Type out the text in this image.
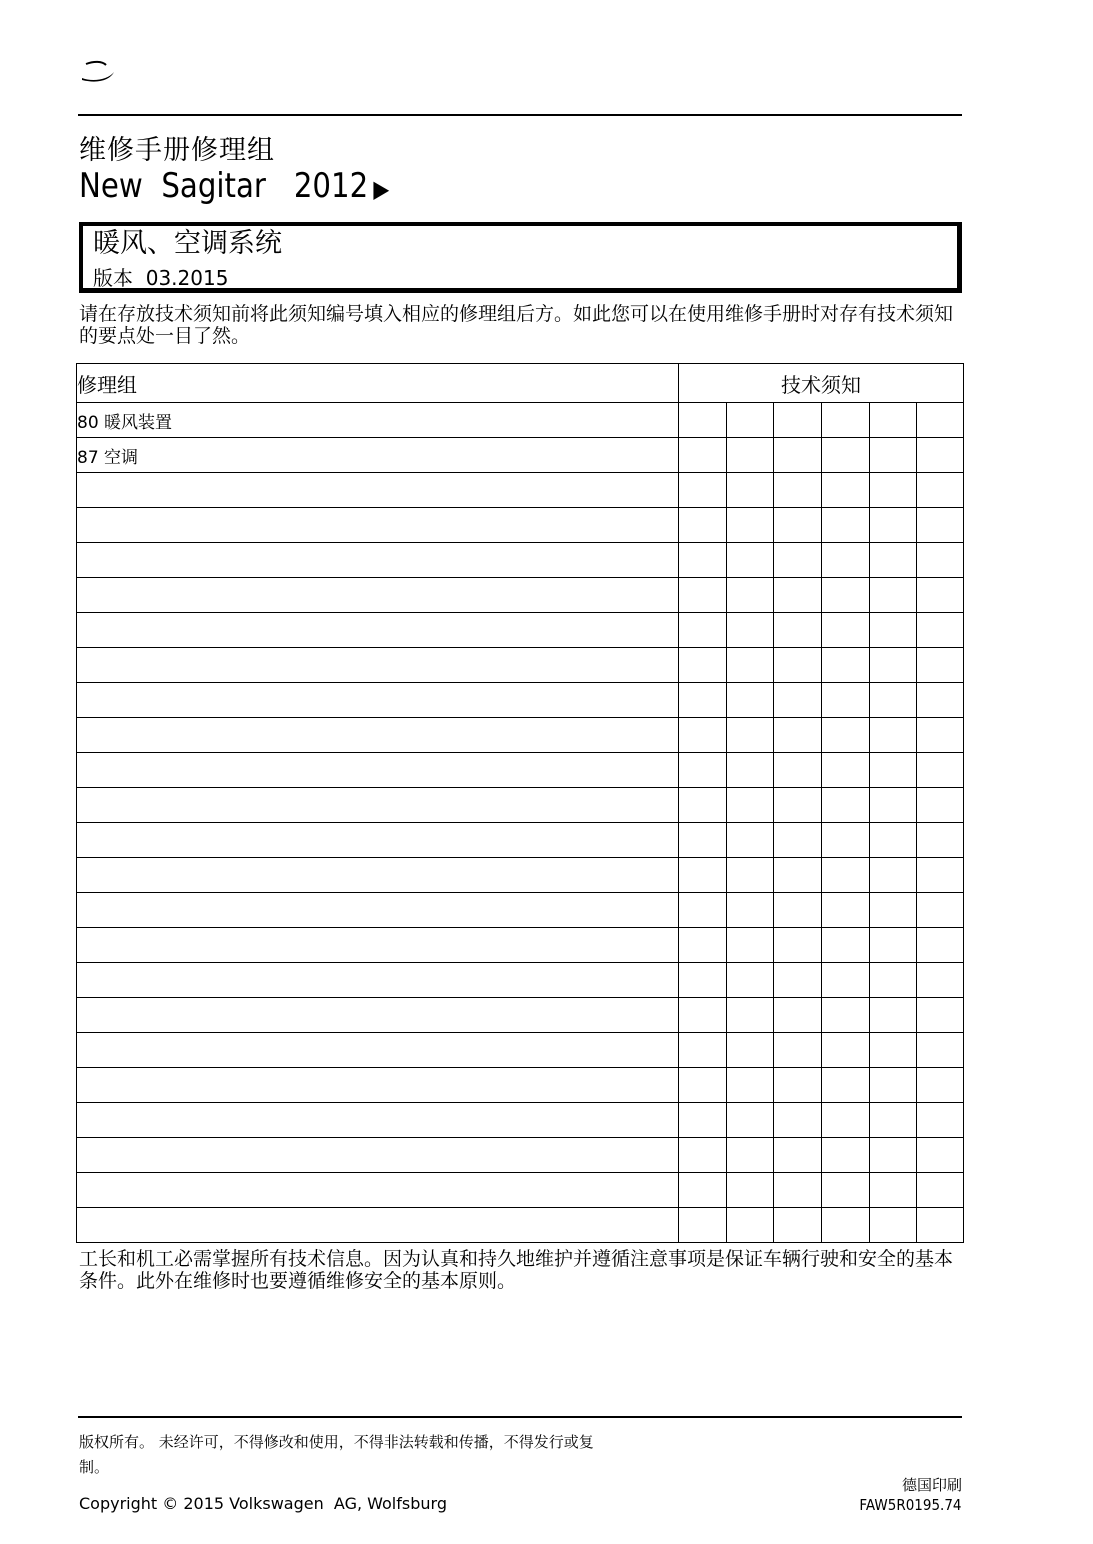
维修手册修理组
New  Sagitar   2012 ▶
暖风、空调系统
版本  03.2015
请在存放技术须知前将此须知编号填入相应的修理组后方。如此您可以在使用维修手册时对存有技术须知的要点处一目了然。
修理组	技术须知					
80 暖风装置						
87 空调						

工长和机工必需掌握所有技术信息。因为认真和持久地维护并遵循注意事项是保证车辆行驶和安全的基本条件。此外在维修时也要遵循维修安全的基本原则。
版权所有。 未经许可，不得修改和使用，不得非法转载和传播，不得发行或复制。
德国印刷
FAW5R0195.74
Copyright © 2015 Volkswagen  AG, Wolfsburg
